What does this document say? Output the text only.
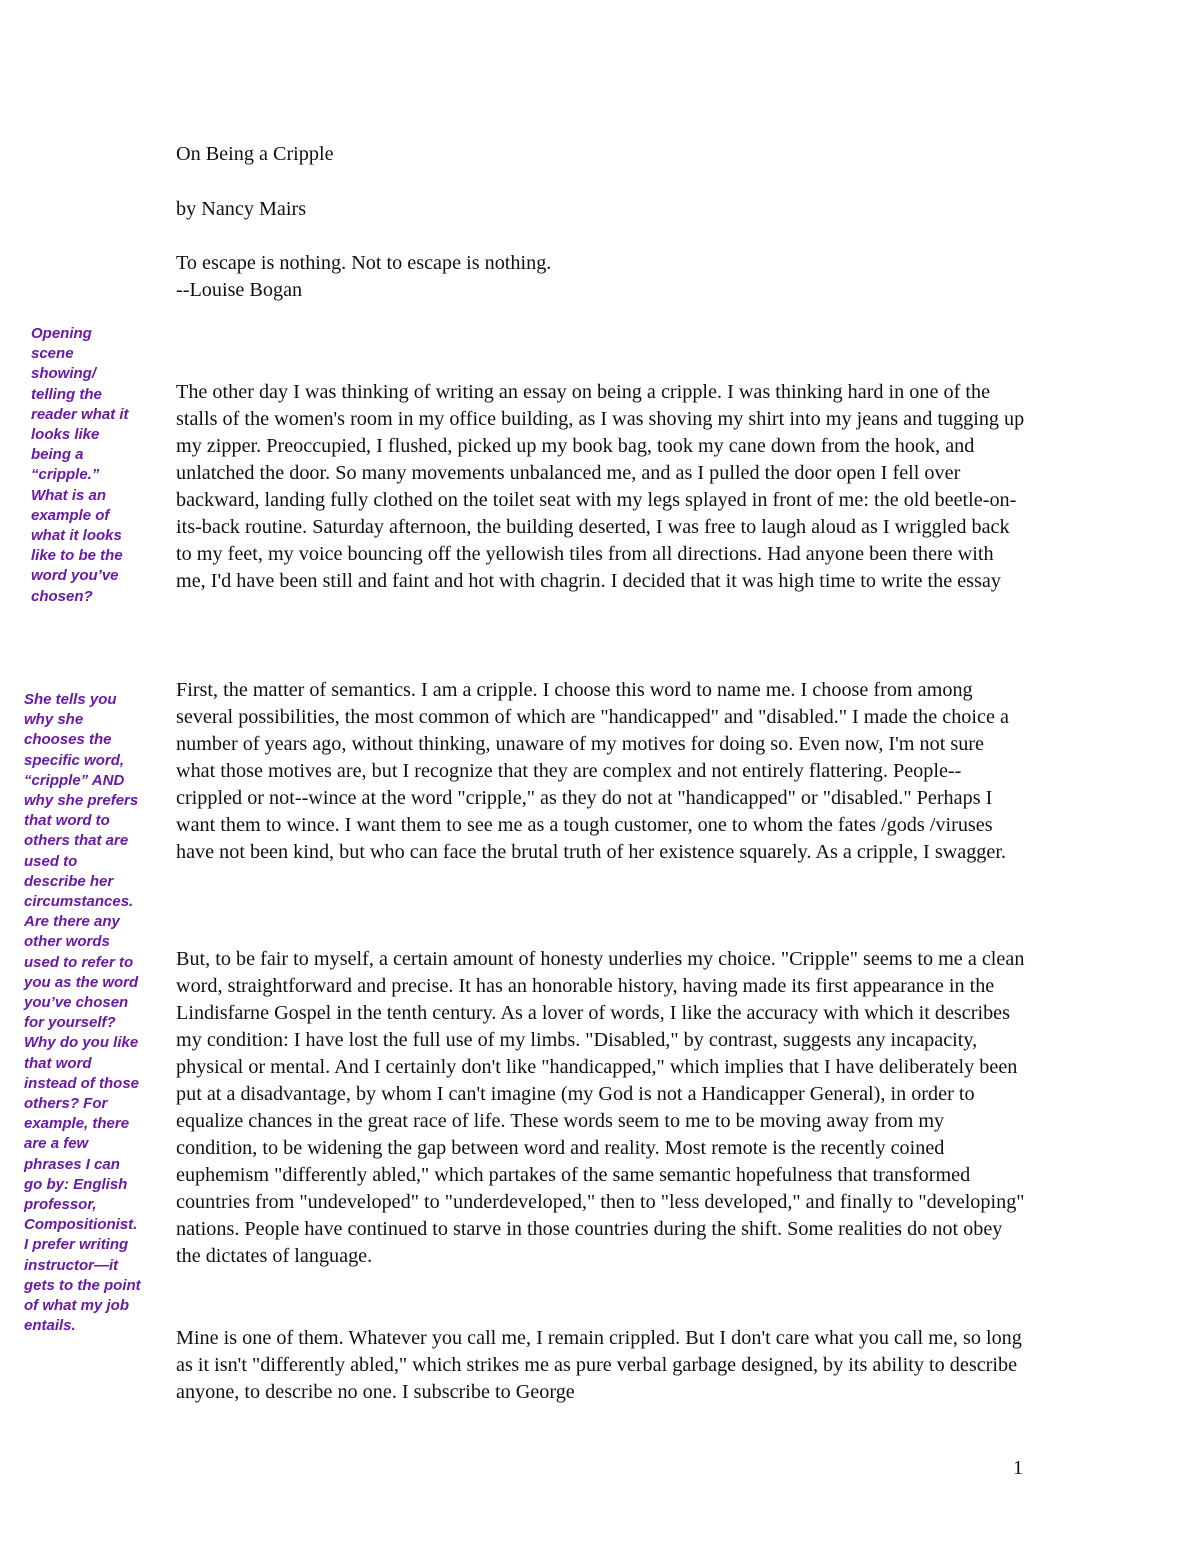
On Being a Cripple
by Nancy Mairs

To escape is nothing. Not to escape is nothing.

--Louise Bogan

The other day I was thinking of writing an essay on being a cripple. I was thinking hard in one of the stalls of the women's room in my office building, as I was shoving my shirt into my jeans and tugging up my zipper. Preoccupied, I flushed, picked up my book bag, took my cane down from the hook, and unlatched the door. So many movements unbalanced me, and as I pulled the door open I fell over backward, landing fully clothed on the toilet seat with my legs splayed in front of me: the old beetle-on-its-back routine. Saturday afternoon, the building deserted, I was free to laugh aloud as I wriggled back to my feet, my voice bouncing off the yellowish tiles from all directions. Had anyone been there with me, I'd have been still and faint and hot with chagrin. I decided that it was high time to write the essay

First, the matter of semantics. I am a cripple. I choose this word to name me. I choose from among several possibilities, the most common of which are "handicapped" and "disabled." I made the choice a number of years ago, without thinking, unaware of my motives for doing so. Even now, I'm not sure what those motives are, but I recognize that they are complex and not entirely flattering. People--crippled or not--wince at the word "cripple," as they do not at "handicapped" or "disabled." Perhaps I want them to wince. I want them to see me as a tough customer, one to whom the fates /gods /viruses have not been kind, but who can face the brutal truth of her existence squarely. As a cripple, I swagger.

But, to be fair to myself, a certain amount of honesty underlies my choice. "Cripple" seems to me a clean word, straightforward and precise. It has an honorable history, having made its first appearance in the Lindisfarne Gospel in the tenth century. As a lover of words, I like the accuracy with which it describes my condition: I have lost the full use of my limbs. "Disabled," by contrast, suggests any incapacity, physical or mental. And I certainly don't like "handicapped," which implies that I have deliberately been put at a disadvantage, by whom I can't imagine (my God is not a Handicapper General), in order to equalize chances in the great race of life. These words seem to me to be moving away from my condition, to be widening the gap between word and reality. Most remote is the recently coined euphemism "differently abled," which partakes of the same semantic hopefulness that transformed countries from "undeveloped" to "underdeveloped," then to "less developed," and finally to "developing" nations. People have continued to starve in those countries during the shift. Some realities do not obey the dictates of language.

Mine is one of them. Whatever you call me, I remain crippled. But I don't care what you call me, so long as it isn't "differently abled," which strikes me as pure verbal garbage designed, by its ability to describe anyone, to describe no one. I subscribe to George

Opening
scene
showing/
telling the
reader what it
looks like
being a
“cripple.”
What is an
example of
what it looks
like to be the
word you’ve
chosen?
She tells you
why she
chooses the
specific word,
“cripple” AND
why she prefers
that word to
others that are
used to
describe her
circumstances.
Are there any
other words
used to refer to
you as the word
you’ve chosen
for yourself?
Why do you like
that word
instead of those
others? For
example, there
are a few
phrases I can
go by: English
professor,
Compositionist.
I prefer writing
instructor—it
gets to the point
of what my job
entails.
1
